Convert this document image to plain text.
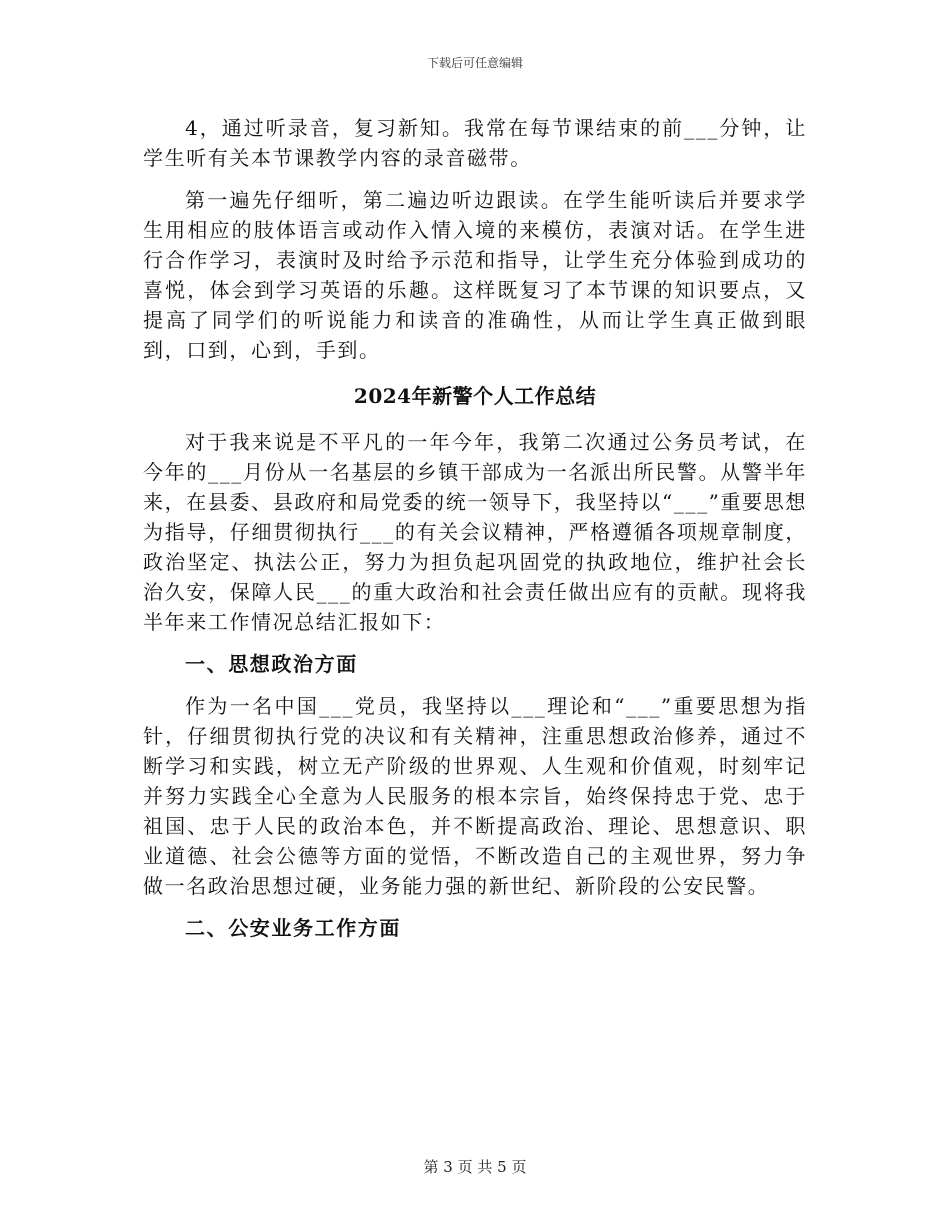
下载后可任意编辑

4，通过听录音，复习新知。我常在每节课结束的前___分钟，让学生听有关本节课教学内容的录音磁带。

第一遍先仔细听，第二遍边听边跟读。在学生能听读后并要求学生用相应的肢体语言或动作入情入境的来模仿，表演对话。在学生进行合作学习，表演时及时给予示范和指导，让学生充分体验到成功的喜悦，体会到学习英语的乐趣。这样既复习了本节课的知识要点，又提高了同学们的听说能力和读音的准确性，从而让学生真正做到眼到，口到，心到，手到。

2024年新警个人工作总结

对于我来说是不平凡的一年今年，我第二次通过公务员考试，在今年的___月份从一名基层的乡镇干部成为一名派出所民警。从警半年来，在县委、县政府和局党委的统一领导下，我坚持以“___”重要思想为指导，仔细贯彻执行___的有关会议精神，严格遵循各项规章制度，政治坚定、执法公正，努力为担负起巩固党的执政地位，维护社会长治久安，保障人民___的重大政治和社会责任做出应有的贡献。现将我半年来工作情况总结汇报如下：

一、思想政治方面

作为一名中国___党员，我坚持以___理论和“___”重要思想为指针，仔细贯彻执行党的决议和有关精神，注重思想政治修养，通过不断学习和实践，树立无产阶级的世界观、人生观和价值观，时刻牢记并努力实践全心全意为人民服务的根本宗旨，始终保持忠于党、忠于祖国、忠于人民的政治本色，并不断提高政治、理论、思想意识、职业道德、社会公德等方面的觉悟，不断改造自己的主观世界，努力争做一名政治思想过硬，业务能力强的新世纪、新阶段的公安民警。

二、公安业务工作方面
第 3 页 共 5 页
